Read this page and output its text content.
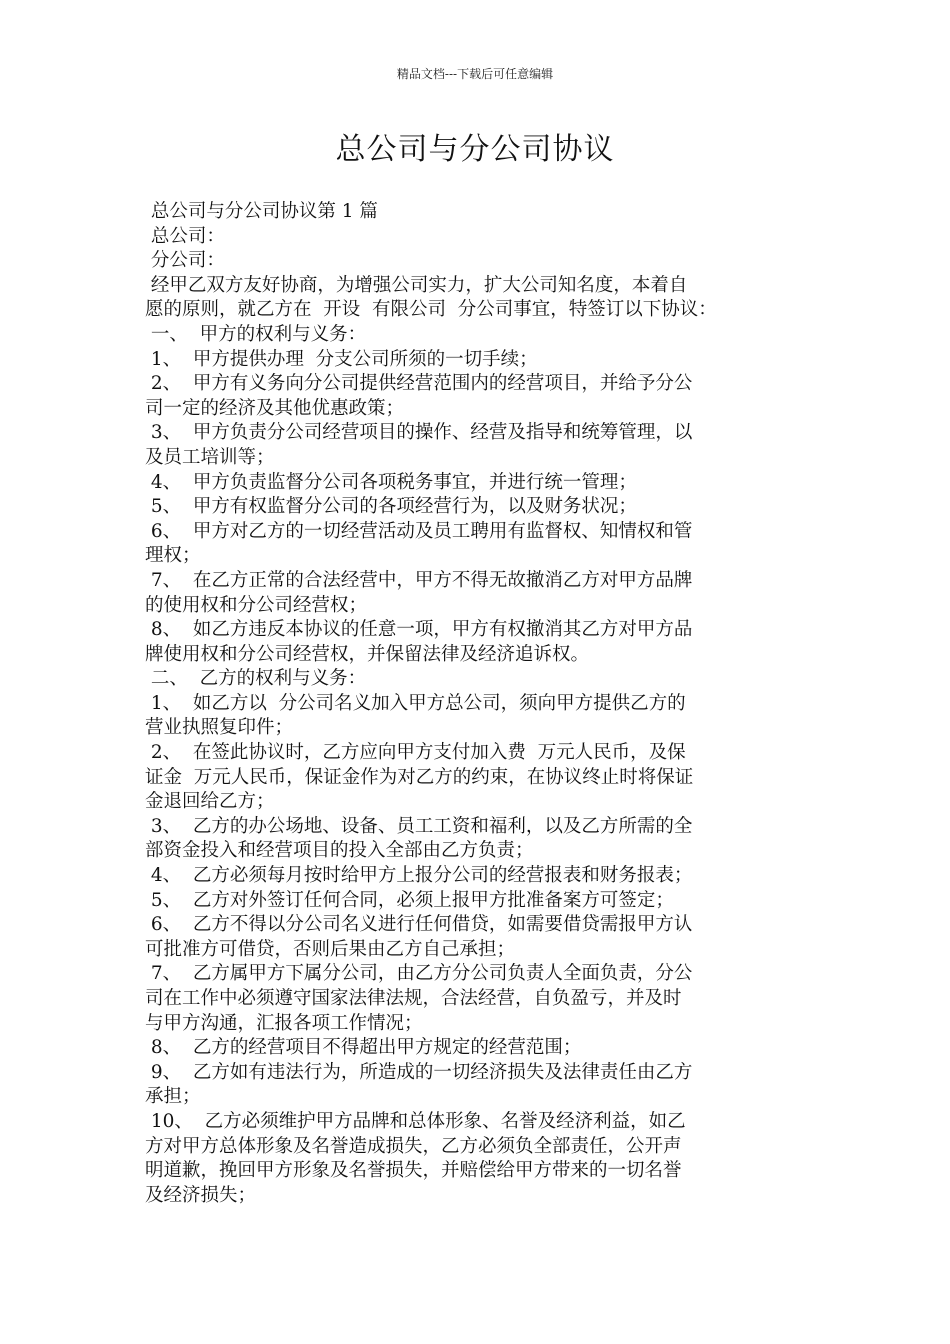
精品文档---下载后可任意编辑
总公司与分公司协议
总公司与分公司协议第 1 篇
总公司：
分公司：
经甲乙双方友好协商，为增强公司实力，扩大公司知名度，本着自
愿的原则，就乙方在  开设  有限公司  分公司事宜，特签订以下协议：
一、  甲方的权利与义务：
1、  甲方提供办理  分支公司所须的一切手续；
2、  甲方有义务向分公司提供经营范围内的经营项目，并给予分公
司一定的经济及其他优惠政策；
3、  甲方负责分公司经营项目的操作、经营及指导和统筹管理，以
及员工培训等；
4、  甲方负责监督分公司各项税务事宜，并进行统一管理；
5、  甲方有权监督分公司的各项经营行为，以及财务状况；
6、  甲方对乙方的一切经营活动及员工聘用有监督权、知情权和管
理权；
7、  在乙方正常的合法经营中，甲方不得无故撤消乙方对甲方品牌
的使用权和分公司经营权；
8、  如乙方违反本协议的任意一项，甲方有权撤消其乙方对甲方品
牌使用权和分公司经营权，并保留法律及经济追诉权。
二、  乙方的权利与义务：
1、  如乙方以  分公司名义加入甲方总公司，须向甲方提供乙方的
营业执照复印件；
2、  在签此协议时，乙方应向甲方支付加入费  万元人民币，及保
证金  万元人民币，保证金作为对乙方的约束，在协议终止时将保证
金退回给乙方；
3、  乙方的办公场地、设备、员工工资和福利，以及乙方所需的全
部资金投入和经营项目的投入全部由乙方负责；
4、  乙方必须每月按时给甲方上报分公司的经营报表和财务报表；
5、  乙方对外签订任何合同，必须上报甲方批准备案方可签定；
6、  乙方不得以分公司名义进行任何借贷，如需要借贷需报甲方认
可批准方可借贷，否则后果由乙方自己承担；
7、  乙方属甲方下属分公司，由乙方分公司负责人全面负责，分公
司在工作中必须遵守国家法律法规，合法经营，自负盈亏，并及时
与甲方沟通，汇报各项工作情况；
8、  乙方的经营项目不得超出甲方规定的经营范围；
9、  乙方如有违法行为，所造成的一切经济损失及法律责任由乙方
承担；
10、  乙方必须维护甲方品牌和总体形象、名誉及经济利益，如乙
方对甲方总体形象及名誉造成损失，乙方必须负全部责任，公开声
明道歉，挽回甲方形象及名誉损失，并赔偿给甲方带来的一切名誉
及经济损失；
